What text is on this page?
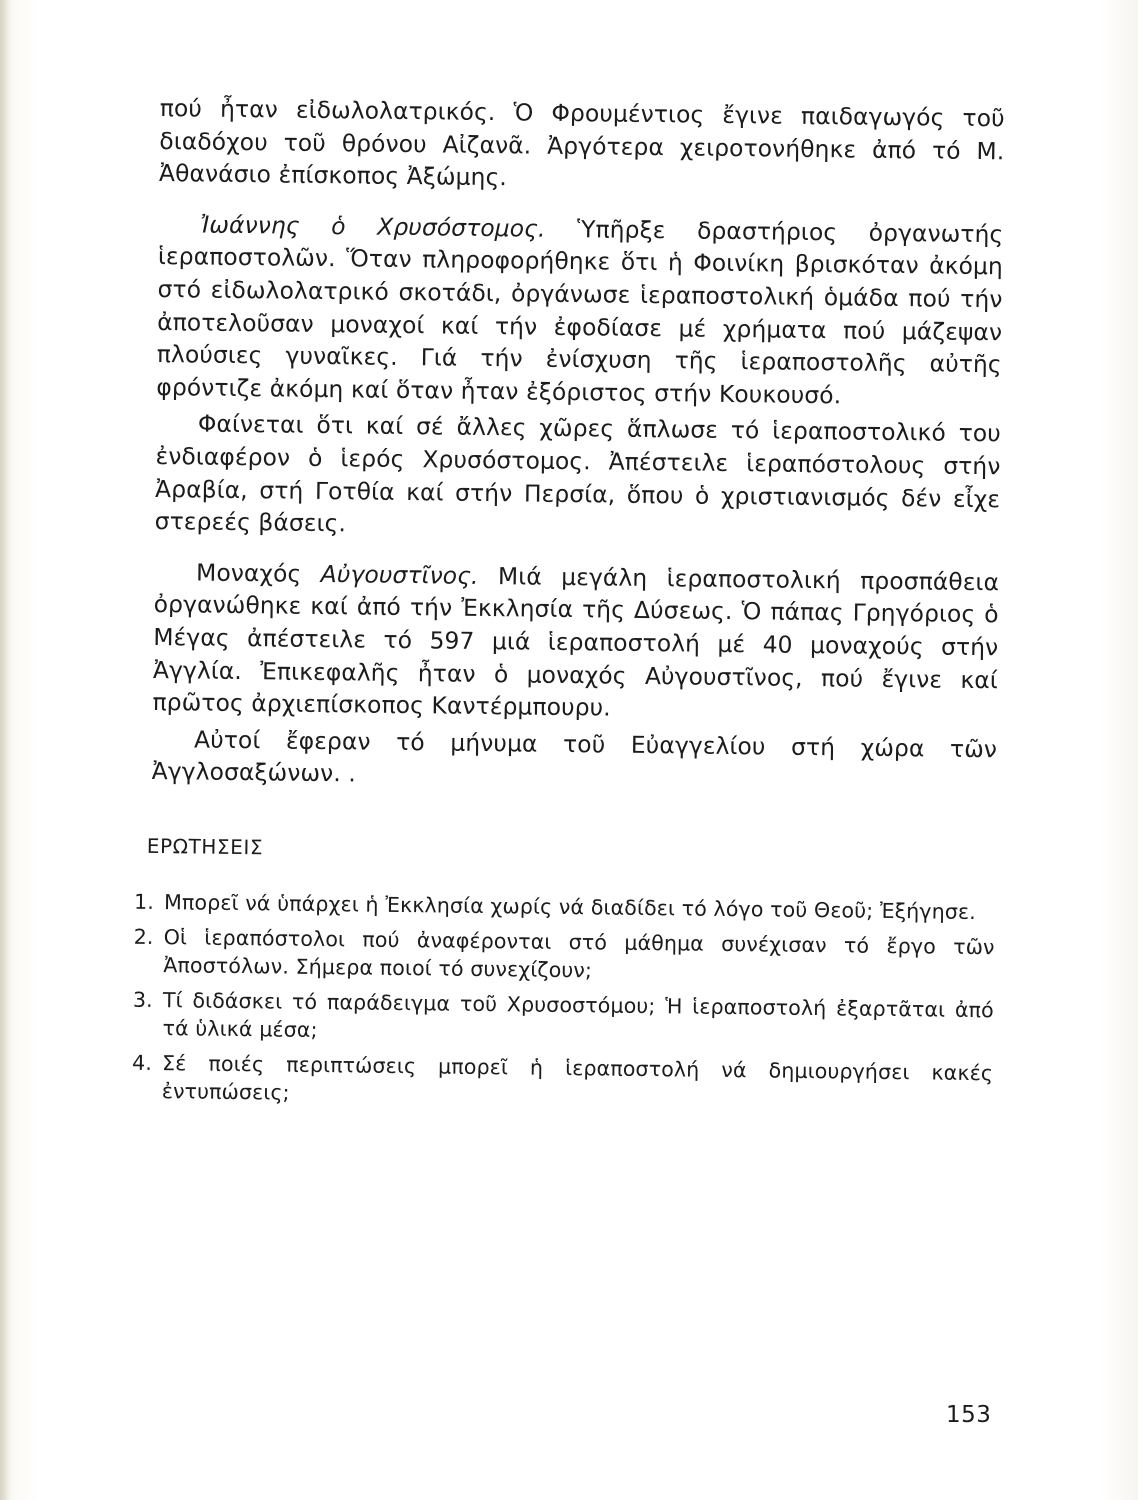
πού ἦταν εἰδωλολατρικός. Ὁ Φρουμέντιος ἔγινε παιδαγωγός τοῦ διαδόχου τοῦ θρόνου Αἰζανᾶ. Ἀργότερα χειροτονήθηκε ἀπό τό Μ. Ἀθανάσιο ἐπίσκοπος Ἀξώμης.

Ἰωάννης ὁ Χρυσόστομος. Ὑπῆρξε δραστήριος ὀργανωτής ἱεραποστολῶν. Ὅταν πληροφορήθηκε ὅτι ἡ Φοινίκη βρισκόταν ἀκόμη στό εἰδωλολατρικό σκοτάδι, ὀργάνωσε ἱεραποστολική ὁμάδα πού τήν ἀποτελοῦσαν μοναχοί καί τήν ἐφοδίασε μέ χρήματα πού μάζεψαν πλούσιες γυναῖκες. Γιά τήν ἐνίσχυση τῆς ἱεραποστολῆς αὐτῆς φρόντιζε ἀκόμη καί ὅταν ἦταν ἐξόριστος στήν Κουκουσό.

Φαίνεται ὅτι καί σέ ἄλλες χῶρες ἅπλωσε τό ἱεραποστολικό του ἐνδιαφέρον ὁ ἱερός Χρυσόστομος. Ἀπέστειλε ἱεραπόστολους στήν Ἀραβία, στή Γοτθία καί στήν Περσία, ὅπου ὁ χριστιανισμός δέν εἶχε στερεές βάσεις.

Μοναχός Αὐγουστῖνος. Μιά μεγάλη ἱεραποστολική προσπάθεια ὀργανώθηκε καί ἀπό τήν Ἐκκλησία τῆς Δύσεως. Ὁ πάπας Γρηγόριος ὁ Μέγας ἀπέστειλε τό 597 μιά ἱεραποστολή μέ 40 μοναχούς στήν Ἀγγλία. Ἐπικεφαλῆς ἦταν ὁ μοναχός Αὐγουστῖνος, πού ἔγινε καί πρῶτος ἀρχιεπίσκοπος Καντέρμπουρυ.

Αὐτοί ἔφεραν τό μήνυμα τοῦ Εὐαγγελίου στή χώρα τῶν Ἀγγλοσαξώνων. .

ΕΡΩΤΗΣΕΙΣ
1. Μπορεῖ νά ὑπάρχει ἡ Ἐκκλησία χωρίς νά διαδίδει τό λόγο τοῦ Θεοῦ; Ἐξήγησε.
2. Οἱ ἱεραπόστολοι πού ἀναφέρονται στό μάθημα συνέχισαν τό ἔργο τῶν Ἀποστόλων. Σήμερα ποιοί τό συνεχίζουν;
3. Τί διδάσκει τό παράδειγμα τοῦ Χρυσοστόμου; Ἡ ἱεραποστολή ἐξαρτᾶται ἀπό τά ὑλικά μέσα;
4. Σέ ποιές περιπτώσεις μπορεῖ ἡ ἱεραποστολή νά δημιουργήσει κακές ἐντυπώσεις;
153
